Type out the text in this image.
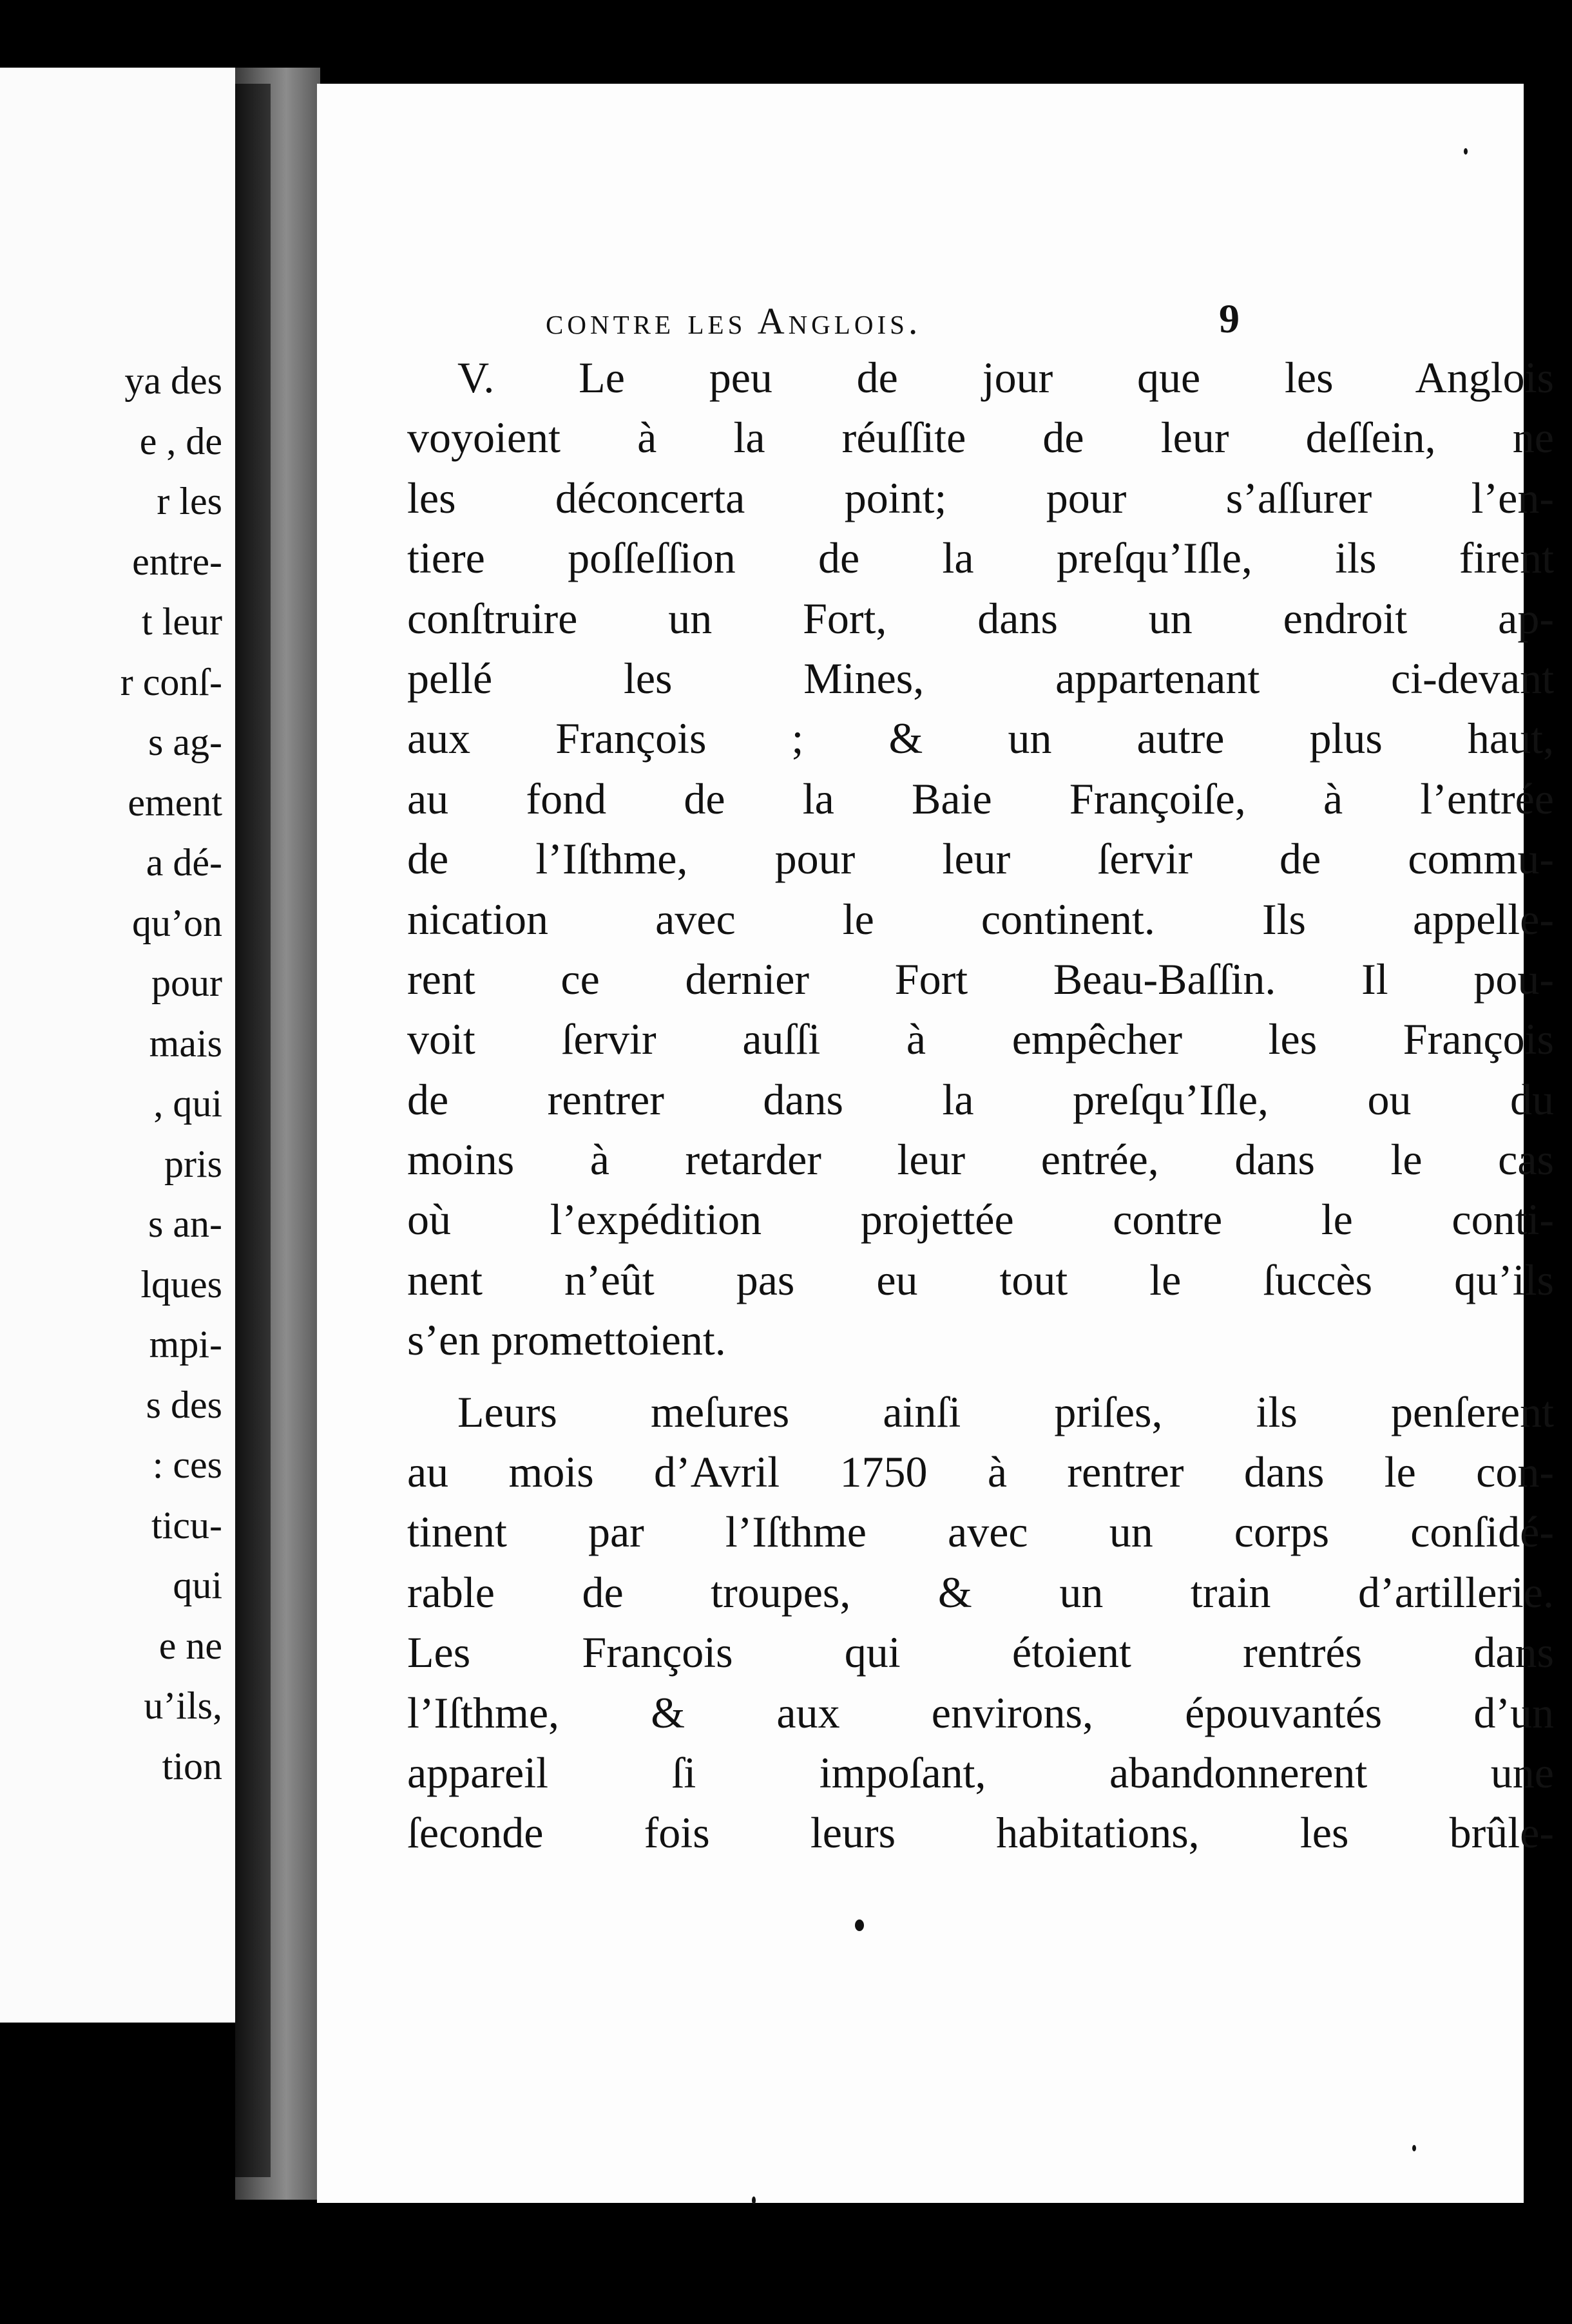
ya des
e , de
r les
entre-
t leur
r conſ-
s ag-
ement
a dé-
qu’on
pour
mais
, qui
pris
s an-
lques
mpi-
s des
: ces
ticu-
qui
e ne
u’ils,
tion
contre les Anglois.	9
V. Le peu de jour que les Anglois
voyoient à la réuſſite de leur deſſein, ne
les déconcerta point; pour s’aſſurer l’en-
tiere poſſeſſion de la preſqu’Iſle, ils firent
conſtruire un Fort, dans un endroit ap-
pellé les Mines, appartenant ci-devant
aux François ; & un autre plus haut,
au fond de la Baie Françoiſe, à l’entrée
de l’Iſthme, pour leur ſervir de commu-
nication avec le continent. Ils appelle-
rent ce dernier Fort Beau-Baſſin. Il pou-
voit ſervir auſſi à empêcher les François
de rentrer dans la preſqu’Iſle, ou du
moins à retarder leur entrée, dans le cas
où l’expédition projettée contre le conti-
nent n’eût pas eu tout le ſuccès qu’ils
s’en promettoient.
Leurs meſures ainſi priſes, ils penſerent
au mois d’Avril 1750 à rentrer dans le con-
tinent par l’Iſthme avec un corps conſidé-
rable de troupes, & un train d’artillerie.
Les François qui étoient rentrés dans
l’Iſthme, & aux environs, épouvantés d’un
appareil ſi impoſant, abandonnerent une
ſeconde fois leurs habitations, les brûle-
